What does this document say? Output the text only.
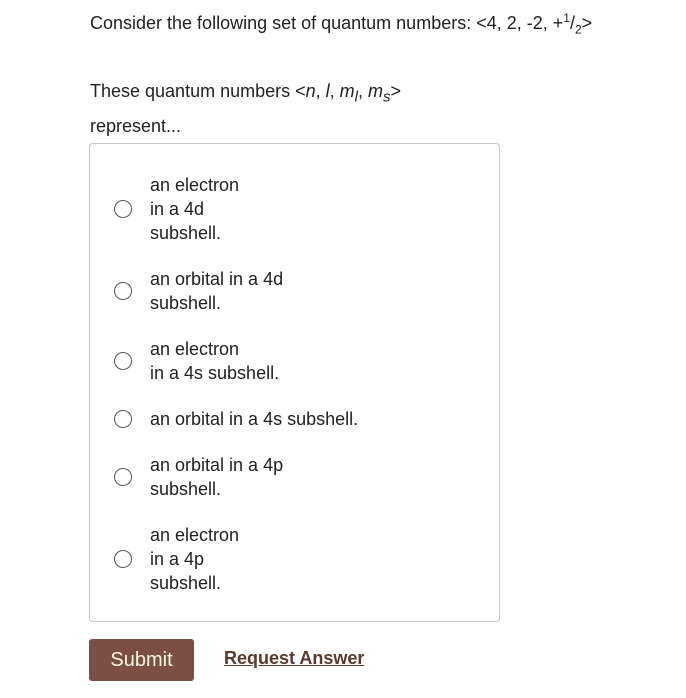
Consider the following set of quantum numbers: <4, 2, -2, $+^1/_2>$
These quantum numbers <n, l, $m_l$, $m_s>$
represent...
an electron
in a 4d
subshell.
an orbital in a 4d
subshell.
an electron
in a 4s subshell.
an orbital in a 4s subshell.
an orbital in a 4p
subshell.
an electron
in a 4p
subshell.
Submit	Request Answer
